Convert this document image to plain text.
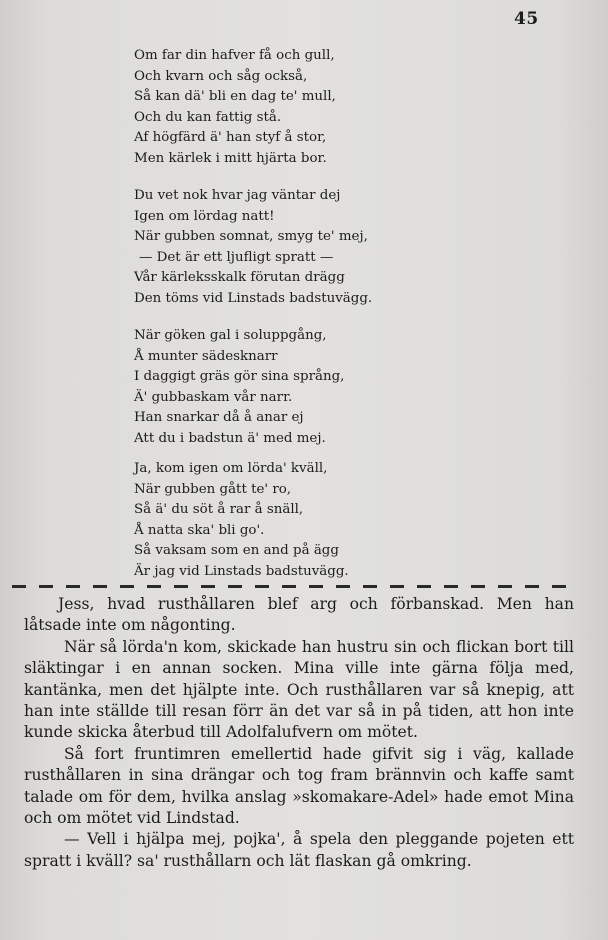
45
Om far din hafver få och gull,
Och kvarn och såg också,
Så kan dä' bli en dag te' mull,
Och du kan fattig stå.
Af högfärd ä' han styf å stor,
Men kärlek i mitt hjärta bor.
Du vet nok hvar jag väntar dej
Igen om lördag natt!
När gubben somnat, smyg te' mej,
— Det är ett ljufligt spratt —
Vår kärleksskalk förutan drägg
Den töms vid Linstads badstuvägg.
När göken gal i soluppgång,
Å munter sädesknarr
I daggigt gräs gör sina språng,
Ä' gubbaskam vår narr.
Han snarkar då å anar ej
Att du i badstun ä' med mej.
Ja, kom igen om lörda' kväll,
När gubben gått te' ro,
Så ä' du söt å rar å snäll,
Å natta ska' bli go'.
Så vaksam som en and på ägg
Är jag vid Linstads badstuvägg.

Jess, hvad rusthållaren blef arg och förbanskad. Men han låtsade inte om någonting.

När så lörda'n kom, skickade han hustru sin och flickan bort till släktingar i en annan socken. Mina ville inte gärna följa med, kantänka, men det hjälpte inte. Och rusthållaren var så knepig, att han inte ställde till resan förr än det var så in på tiden, att hon inte kunde skicka återbud till Adolfalufvern om mötet.

Så fort fruntimren emellertid hade gifvit sig i väg, kallade rusthållaren in sina drängar och tog fram brännvin och kaffe samt talade om för dem, hvilka anslag »skomakare-Adel» hade emot Mina och om mötet vid Lindstad.

— Vell i hjälpa mej, pojka', å spela den pleggande pojeten ett spratt i kväll? sa' rusthållarn och lät flaskan gå omkring.
